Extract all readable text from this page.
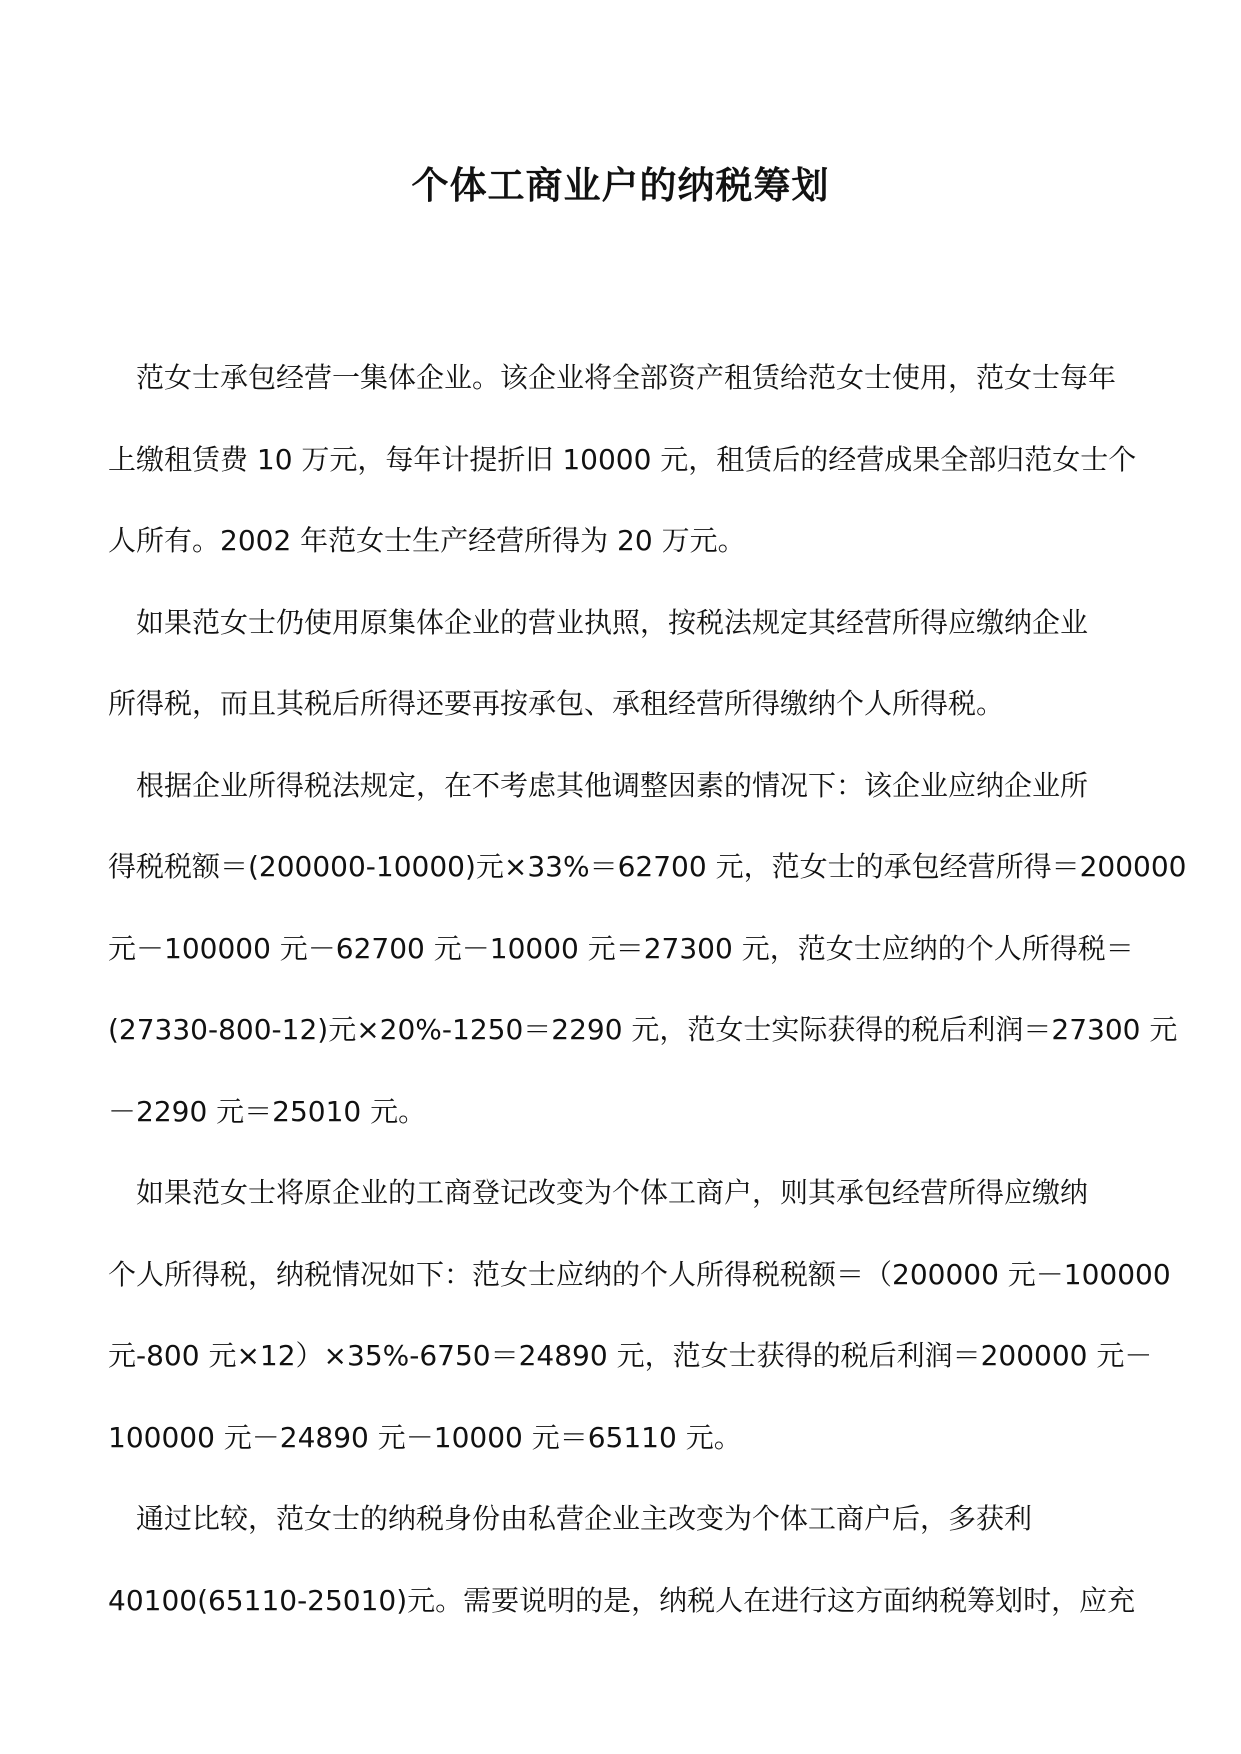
个体工商业户的纳税筹划
范女士承包经营一集体企业。该企业将全部资产租赁给范女士使用，范女士每年
上缴租赁费 10 万元，每年计提折旧 10000 元，租赁后的经营成果全部归范女士个
人所有。2002 年范女士生产经营所得为 20 万元。
如果范女士仍使用原集体企业的营业执照，按税法规定其经营所得应缴纳企业
所得税，而且其税后所得还要再按承包、承租经营所得缴纳个人所得税。
根据企业所得税法规定，在不考虑其他调整因素的情况下：该企业应纳企业所
得税税额＝(200000-10000)元×33%＝62700 元，范女士的承包经营所得＝200000
元－100000 元－62700 元－10000 元＝27300 元，范女士应纳的个人所得税＝
(27330-800-12)元×20%-1250＝2290 元，范女士实际获得的税后利润＝27300 元
－2290 元＝25010 元。
如果范女士将原企业的工商登记改变为个体工商户，则其承包经营所得应缴纳
个人所得税，纳税情况如下：范女士应纳的个人所得税税额＝（200000 元－100000
元-800 元×12）×35%-6750＝24890 元，范女士获得的税后利润＝200000 元－
100000 元－24890 元－10000 元＝65110 元。
通过比较，范女士的纳税身份由私营企业主改变为个体工商户后，多获利
40100(65110-25010)元。需要说明的是，纳税人在进行这方面纳税筹划时，应充
